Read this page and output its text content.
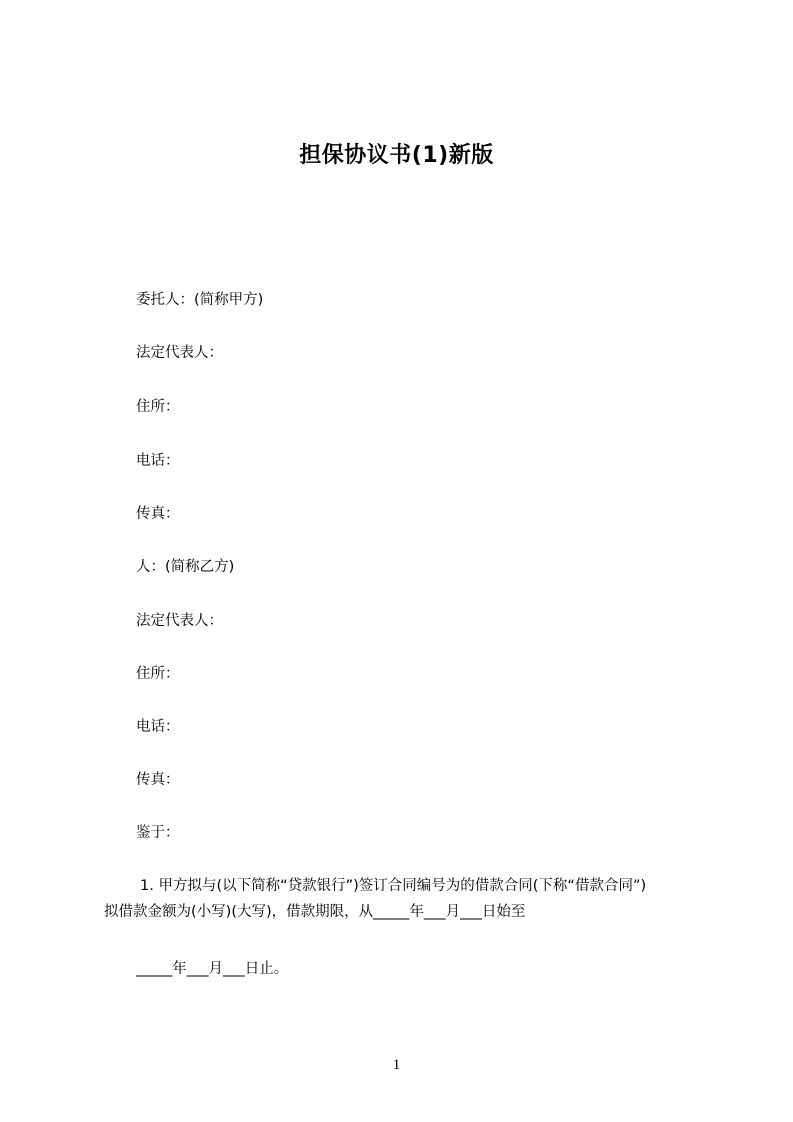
担保协议书(1)新版
委托人：(简称甲方)
法定代表人：
住所：
电话：
传真：
人：(简称乙方)
法定代表人：
住所：
电话：
传真：
鉴于：
1. 甲方拟与(以下简称“贷款银行”)签订合同编号为的借款合同(下称“借款合同”)
拟借款金额为(小写)(大写)，借款期限，从_____年___月___日始至
_____年___月___日止。
1
